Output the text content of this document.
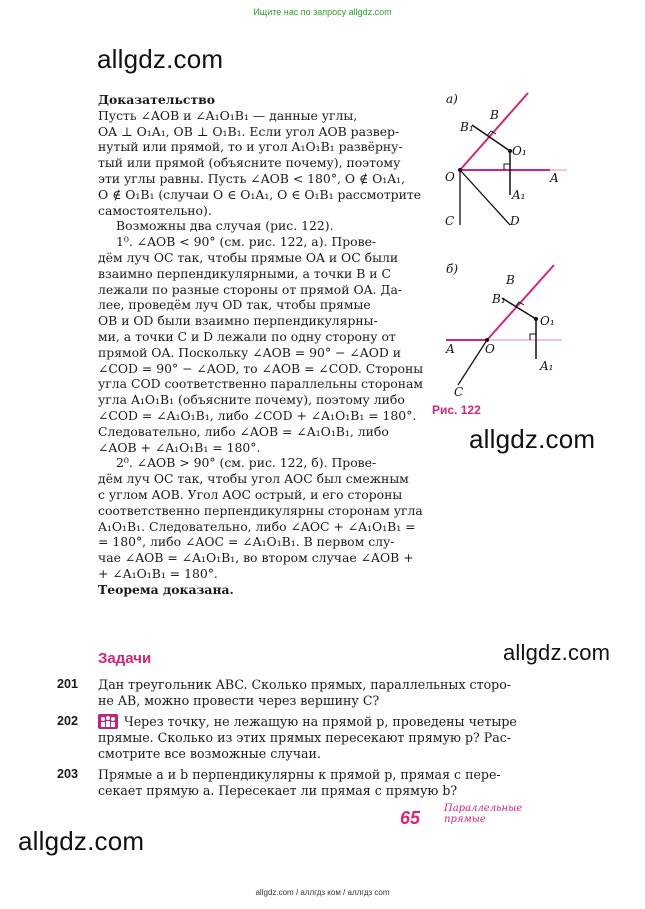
Ищите нас по запросу allgdz.com
allgdz.com
allgdz.com
allgdz.com
allgdz.com
Доказательство
Пусть ∠AOB и ∠A₁O₁B₁ — данные углы,
OA ⊥ O₁A₁, OB ⊥ O₁B₁. Если угол AOB развер-
нутый или прямой, то и угол A₁O₁B₁ развёрну-
тый или прямой (объясните почему), поэтому
эти углы равны. Пусть ∠AOB < 180°, O ∉ O₁A₁,
O ∉ O₁B₁ (случаи O ∈ O₁A₁, O ∈ O₁B₁ рассмотрите
самостоятельно).
Возможны два случая (рис. 122).
1⁰. ∠AOB < 90° (см. рис. 122, а). Прове-
дём луч OC так, чтобы прямые OA и OC были
взаимно перпендикулярными, а точки B и C
лежали по разные стороны от прямой OA. Да-
лее, проведём луч OD так, чтобы прямые
OB и OD были взаимно перпендикулярны-
ми, а точки C и D лежали по одну сторону от
прямой OA. Поскольку ∠AOB = 90° − ∠AOD и
∠COD = 90° − ∠AOD, то ∠AOB = ∠COD. Стороны
угла COD соответственно параллельны сторонам
угла A₁O₁B₁ (объясните почему), поэтому либо
∠COD = ∠A₁O₁B₁, либо ∠COD + ∠A₁O₁B₁ = 180°.
Следовательно, либо ∠AOB = ∠A₁O₁B₁, либо
∠AOB + ∠A₁O₁B₁ = 180°.
2⁰. ∠AOB > 90° (см. рис. 122, б). Прове-
дём луч OC так, чтобы угол AOC был смежным
с углом AOB. Угол AOC острый, и его стороны
соответственно перпендикулярны сторонам угла
A₁O₁B₁. Следовательно, либо ∠AOC + ∠A₁O₁B₁ =
= 180°, либо ∠AOC = ∠A₁O₁B₁. В первом слу-
чае ∠AOB = ∠A₁O₁B₁, во втором случае ∠AOB +
+ ∠A₁O₁B₁ = 180°.
Теорема доказана.
а)
B
B₁
O₁
O	A
A₁
C	D
б)
B
B₁
O₁
A	O
A₁
C
Рис. 122
Задачи
201 Дан треугольник ABC. Сколько прямых, параллельных сторо-
не AB, можно провести через вершину C?
202	Через точку, не лежащую на прямой p, проведены четыре
прямые. Сколько из этих прямых пересекают прямую p? Рас-
смотрите все возможные случаи.
203 Прямые a и b перпендикулярны к прямой p, прямая c пере-
секает прямую a. Пересекает ли прямая c прямую b?
65 Параллельные
прямые
allgdz.com / аллгдз ком / аллгдз com
